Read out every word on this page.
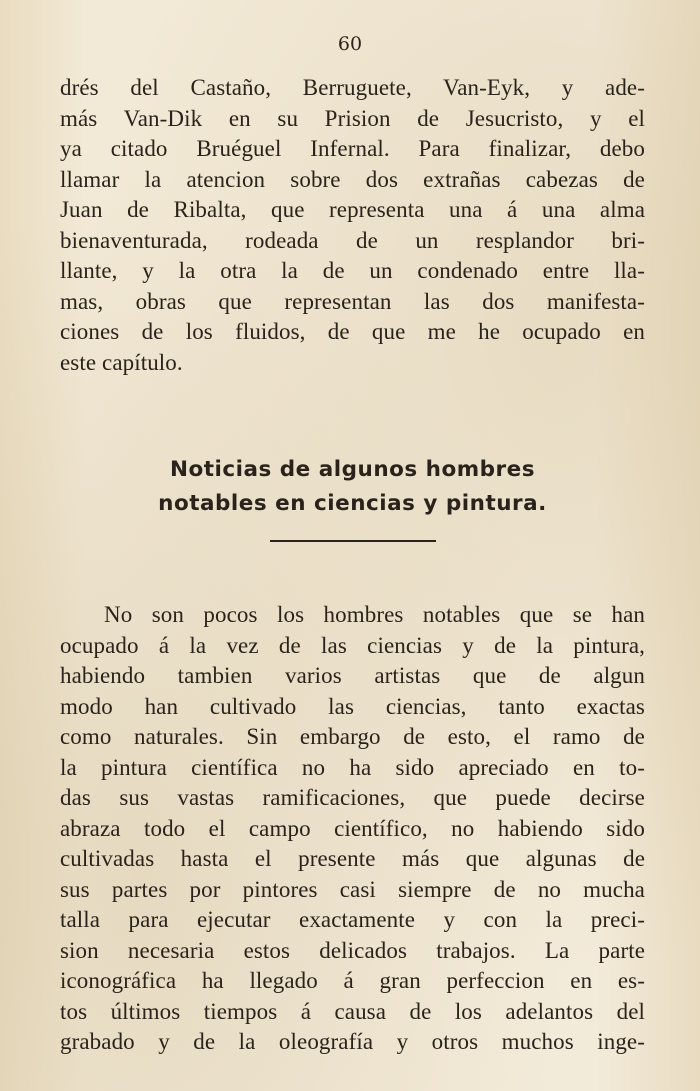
60
drés del Castaño, Berruguete, Van-Eyk, y ade-
más Van-Dik en su Prision de Jesucristo, y el
ya citado Bruéguel Infernal. Para finalizar, debo
llamar la atencion sobre dos extrañas cabezas de
Juan de Ribalta, que representa una á una alma
bienaventurada, rodeada de un resplandor bri-
llante, y la otra la de un condenado entre lla-
mas, obras que representan las dos manifesta-
ciones de los fluidos, de que me he ocupado en
este capítulo.
Noticias de algunos hombres
notables en ciencias y pintura.
No son pocos los hombres notables que se han
ocupado á la vez de las ciencias y de la pintura,
habiendo tambien varios artistas que de algun
modo han cultivado las ciencias, tanto exactas
como naturales. Sin embargo de esto, el ramo de
la pintura científica no ha sido apreciado en to-
das sus vastas ramificaciones, que puede decirse
abraza todo el campo científico, no habiendo sido
cultivadas hasta el presente más que algunas de
sus partes por pintores casi siempre de no mucha
talla para ejecutar exactamente y con la preci-
sion necesaria estos delicados trabajos. La parte
iconográfica ha llegado á gran perfeccion en es-
tos últimos tiempos á causa de los adelantos del
grabado y de la oleografía y otros muchos inge-
